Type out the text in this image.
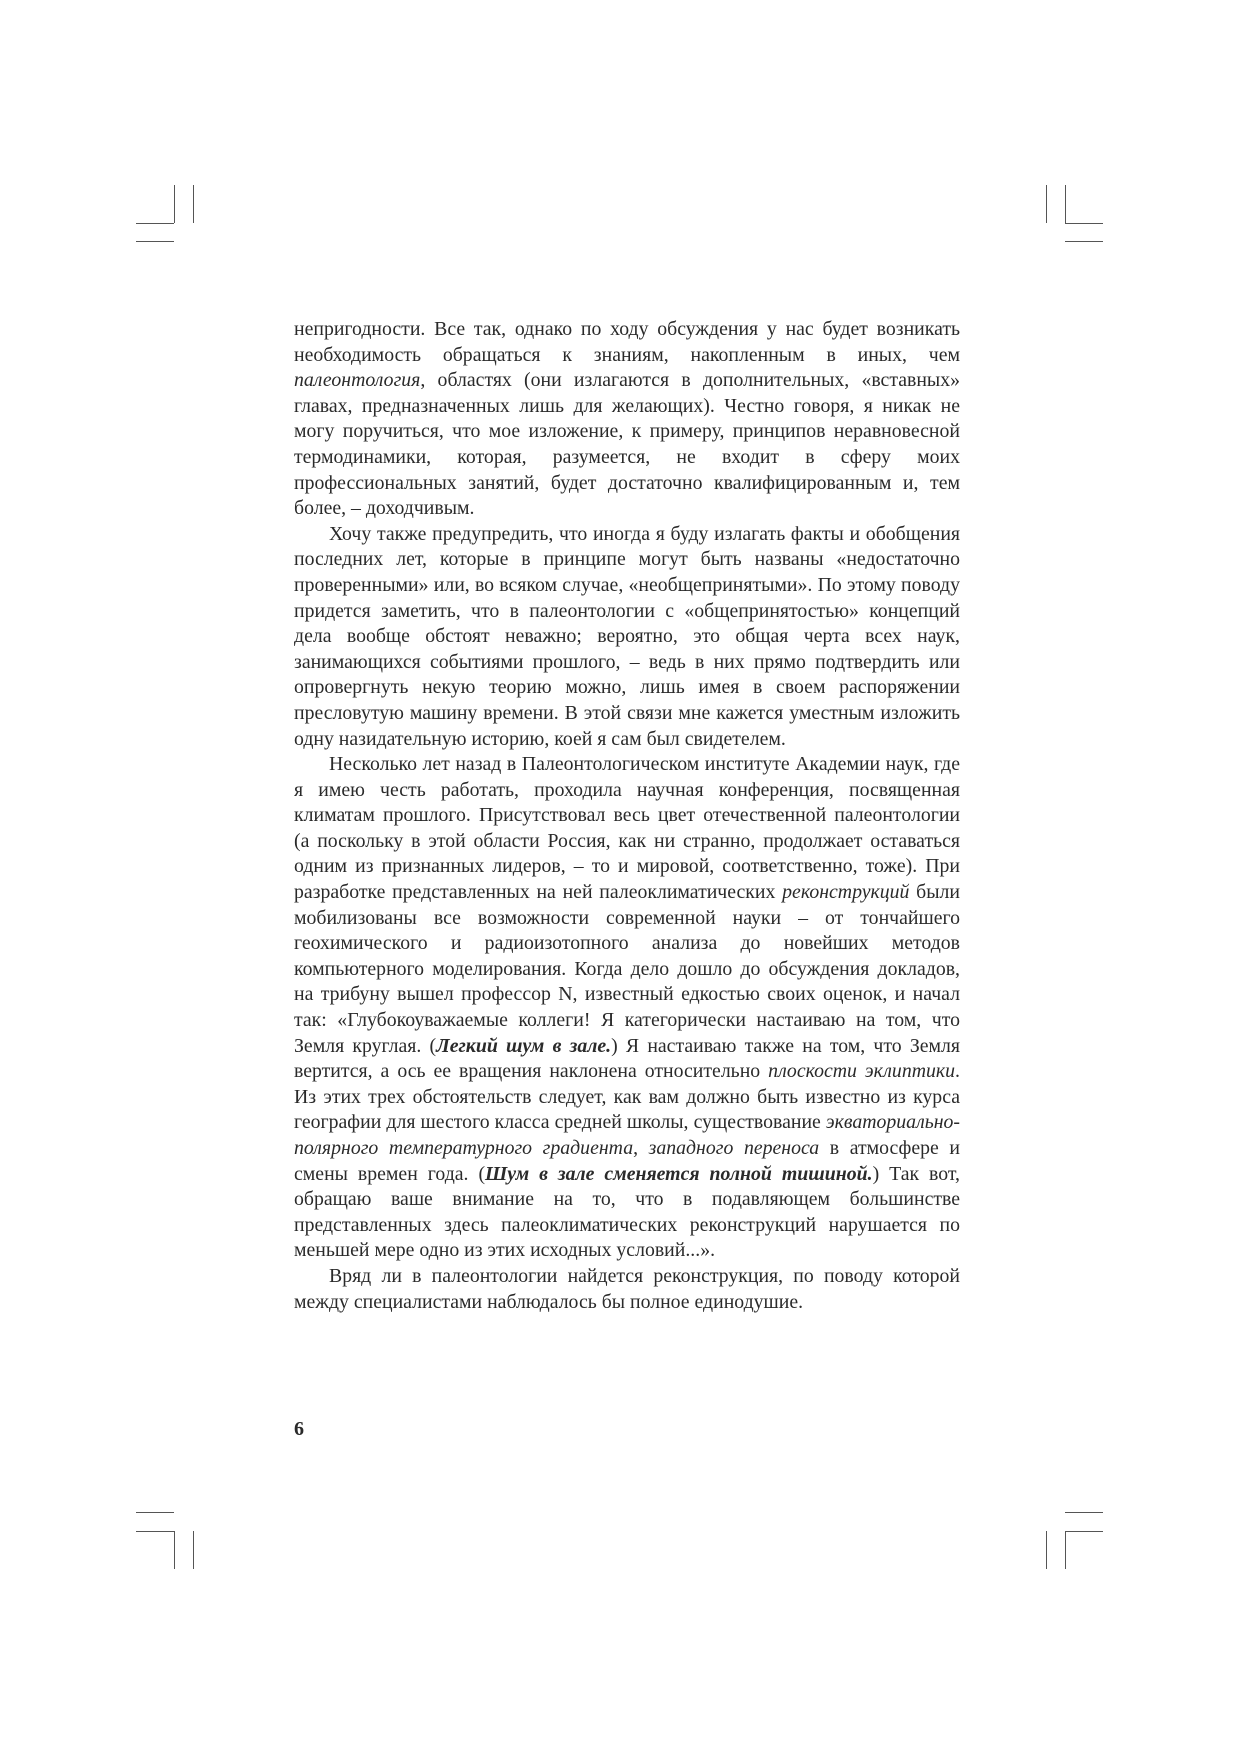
непригодности. Все так, однако по ходу обсуждения у нас будет возникать необходимость обращаться к знаниям, накопленным в иных, чем палеонтология, областях (они излагаются в дополнительных, «вставных» главах, предназначенных лишь для желающих). Честно говоря, я никак не могу поручиться, что мое изложение, к примеру, принципов неравновесной термодинамики, которая, разумеется, не входит в сферу моих профессиональных занятий, будет достаточно квалифицированным и, тем более, – доходчивым.

Хочу также предупредить, что иногда я буду излагать факты и обобщения последних лет, которые в принципе могут быть названы «недостаточно проверенными» или, во всяком случае, «необщепринятыми». По этому поводу придется заметить, что в палеонтологии с «общепринятостью» концепций дела вообще обстоят неважно; вероятно, это общая черта всех наук, занимающихся событиями прошлого, – ведь в них прямо подтвердить или опровергнуть некую теорию можно, лишь имея в своем распоряжении пресловутую машину времени. В этой связи мне кажется уместным изложить одну назидательную историю, коей я сам был свидетелем.

Несколько лет назад в Палеонтологическом институте Академии наук, где я имею честь работать, проходила научная конференция, посвященная климатам прошлого. Присутствовал весь цвет отечественной палеонтологии (а поскольку в этой области Россия, как ни странно, продолжает оставаться одним из признанных лидеров, – то и мировой, соответственно, тоже). При разработке представленных на ней палеоклиматических реконструкций были мобилизованы все возможности современной науки – от тончайшего геохимического и радиоизотопного анализа до новейших методов компьютерного моделирования. Когда дело дошло до обсуждения докладов, на трибуну вышел профессор N, известный едкостью своих оценок, и начал так: «Глубокоуважаемые коллеги! Я категорически настаиваю на том, что Земля круглая. (Легкий шум в зале.) Я настаиваю также на том, что Земля вертится, а ось ее вращения наклонена относительно плоскости эклиптики. Из этих трех обстоятельств следует, как вам должно быть известно из курса географии для шестого класса средней школы, существование экваториально-полярного температурного градиента, западного переноса в атмосфере и смены времен года. (Шум в зале сменяется полной тишиной.) Так вот, обращаю ваше внимание на то, что в подавляющем большинстве представленных здесь палеоклиматических реконструкций нарушается по меньшей мере одно из этих исходных условий...».

Вряд ли в палеонтологии найдется реконструкция, по поводу которой между специалистами наблюдалось бы полное единодушие.

6
